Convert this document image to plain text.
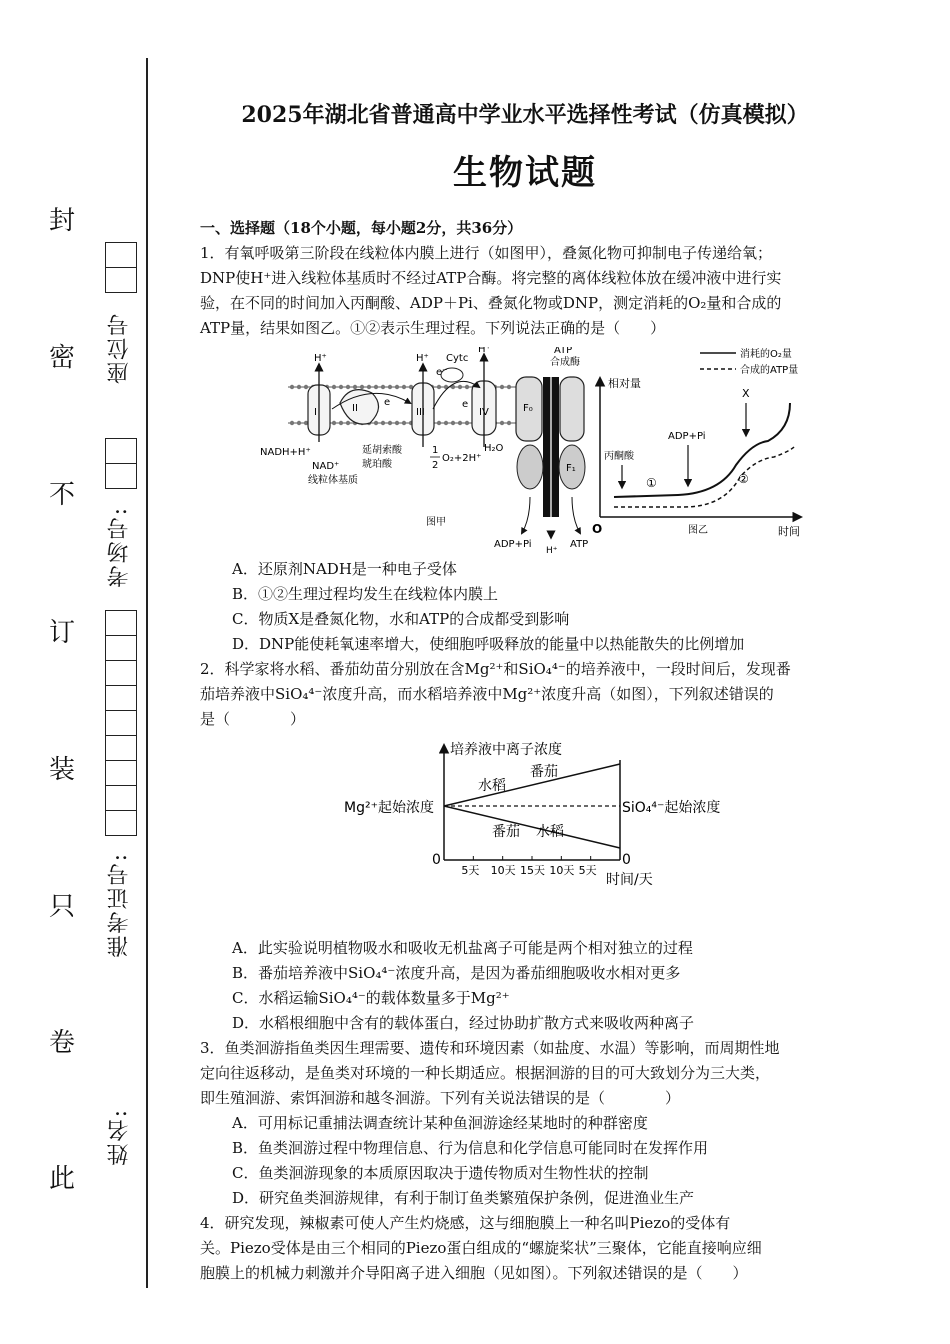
封
密
不
订
装
只
卷
此
座位号
考场号:
准考证号:
姓名:
2025年湖北省普通高中学业水平选择性考试（仿真模拟）
生物试题

一、选择题（18个小题，每小题2分，共36分）

1．有氧呼吸第三阶段在线粒体内膜上进行（如图甲），叠氮化物可抑制电子传递给氧；

DNP使H⁺进入线粒体基质时不经过ATP合酶。将完整的离体线粒体放在缓冲液中进行实

验，在不同的时间加入丙酮酸、ADP＋Pi、叠氮化物或DNP，测定消耗的O₂量和合成的

ATP量，结果如图乙。①②表示生理过程。下列说法正确的是（　　）

H⁺	H⁺
H⁺
Cytc
I	II	III	IV
e⁻
e
e
NADH+H⁺
NAD⁺
延胡索酸
琥珀酸
线粒体基质
1
2
O₂+2H⁺
H₂O
ATP
合成酶
F₀
F₁
ADP+Pi	ATP
H⁺
图甲
消耗的O₂量
合成的ATP量
相对量
时间
O
丙酮酸
ADP+Pi
X
①	②
图乙

A．还原剂NADH是一种电子受体

B．①②生理过程均发生在线粒体内膜上

C．物质X是叠氮化物，水和ATP的合成都受到影响

D．DNP能使耗氧速率增大，使细胞呼吸释放的能量中以热能散失的比例增加

2．科学家将水稻、番茄幼苗分别放在含Mg²⁺和SiO₄⁴⁻的培养液中，一段时间后，发现番

茄培养液中SiO₄⁴⁻浓度升高，而水稻培养液中Mg²⁺浓度升高（如图），下列叙述错误的

是（　　　　）

5天 10天 15天 10天 5天
培养液中离子浓度
Mg²⁺起始浓度	SiO₄⁴⁻起始浓度
水稻
番茄
番茄 水稻
0	0
时间/天

A．此实验说明植物吸水和吸收无机盐离子可能是两个相对独立的过程

B．番茄培养液中SiO₄⁴⁻浓度升高，是因为番茄细胞吸收水相对更多

C．水稻运输SiO₄⁴⁻的载体数量多于Mg²⁺

D．水稻根细胞中含有的载体蛋白，经过协助扩散方式来吸收两种离子

3．鱼类洄游指鱼类因生理需要、遗传和环境因素（如盐度、水温）等影响，而周期性地

定向往返移动，是鱼类对环境的一种长期适应。根据洄游的目的可大致划分为三大类，

即生殖洄游、索饵洄游和越冬洄游。下列有关说法错误的是（　　　　）

A．可用标记重捕法调查统计某种鱼洄游途经某地时的种群密度

B．鱼类洄游过程中物理信息、行为信息和化学信息可能同时在发挥作用

C．鱼类洄游现象的本质原因取决于遗传物质对生物性状的控制

D．研究鱼类洄游规律，有利于制订鱼类繁殖保护条例，促进渔业生产

4．研究发现，辣椒素可使人产生灼烧感，这与细胞膜上一种名叫Piezo的受体有

关。Piezo受体是由三个相同的Piezo蛋白组成的“螺旋桨状”三聚体，它能直接响应细

胞膜上的机械力刺激并介导阳离子进入细胞（见如图）。下列叙述错误的是（　　）
